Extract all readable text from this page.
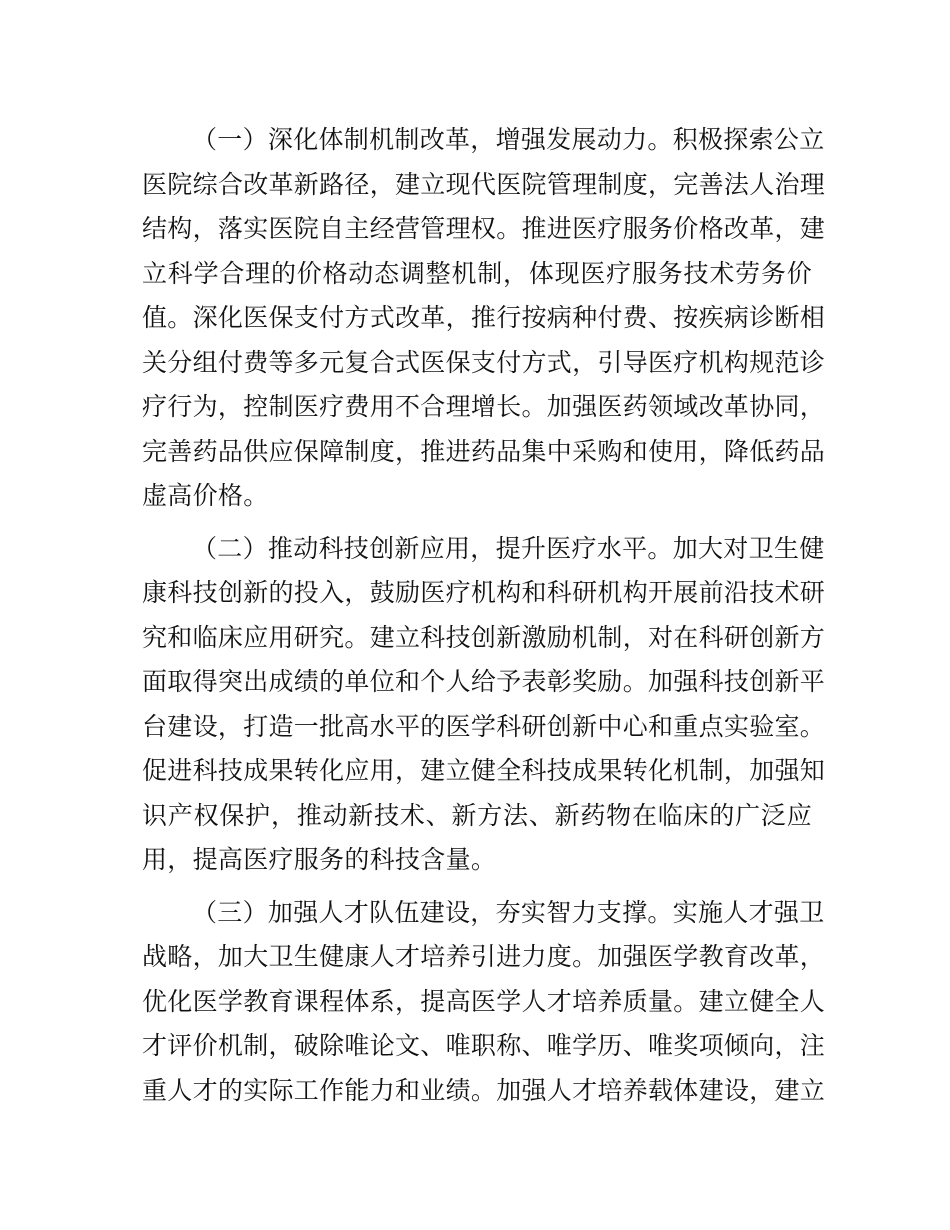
（一）深化体制机制改革，增强发展动力。积极探索公立
医院综合改革新路径，建立现代医院管理制度，完善法人治理
结构，落实医院自主经营管理权。推进医疗服务价格改革，建
立科学合理的价格动态调整机制，体现医疗服务技术劳务价
值。深化医保支付方式改革，推行按病种付费、按疾病诊断相
关分组付费等多元复合式医保支付方式，引导医疗机构规范诊
疗行为，控制医疗费用不合理增长。加强医药领域改革协同，
完善药品供应保障制度，推进药品集中采购和使用，降低药品
虚高价格。
（二）推动科技创新应用，提升医疗水平。加大对卫生健
康科技创新的投入，鼓励医疗机构和科研机构开展前沿技术研
究和临床应用研究。建立科技创新激励机制，对在科研创新方
面取得突出成绩的单位和个人给予表彰奖励。加强科技创新平
台建设，打造一批高水平的医学科研创新中心和重点实验室。
促进科技成果转化应用，建立健全科技成果转化机制，加强知
识产权保护，推动新技术、新方法、新药物在临床的广泛应
用，提高医疗服务的科技含量。
（三）加强人才队伍建设，夯实智力支撑。实施人才强卫
战略，加大卫生健康人才培养引进力度。加强医学教育改革，
优化医学教育课程体系，提高医学人才培养质量。建立健全人
才评价机制，破除唯论文、唯职称、唯学历、唯奖项倾向，注
重人才的实际工作能力和业绩。加强人才培养载体建设，建立
